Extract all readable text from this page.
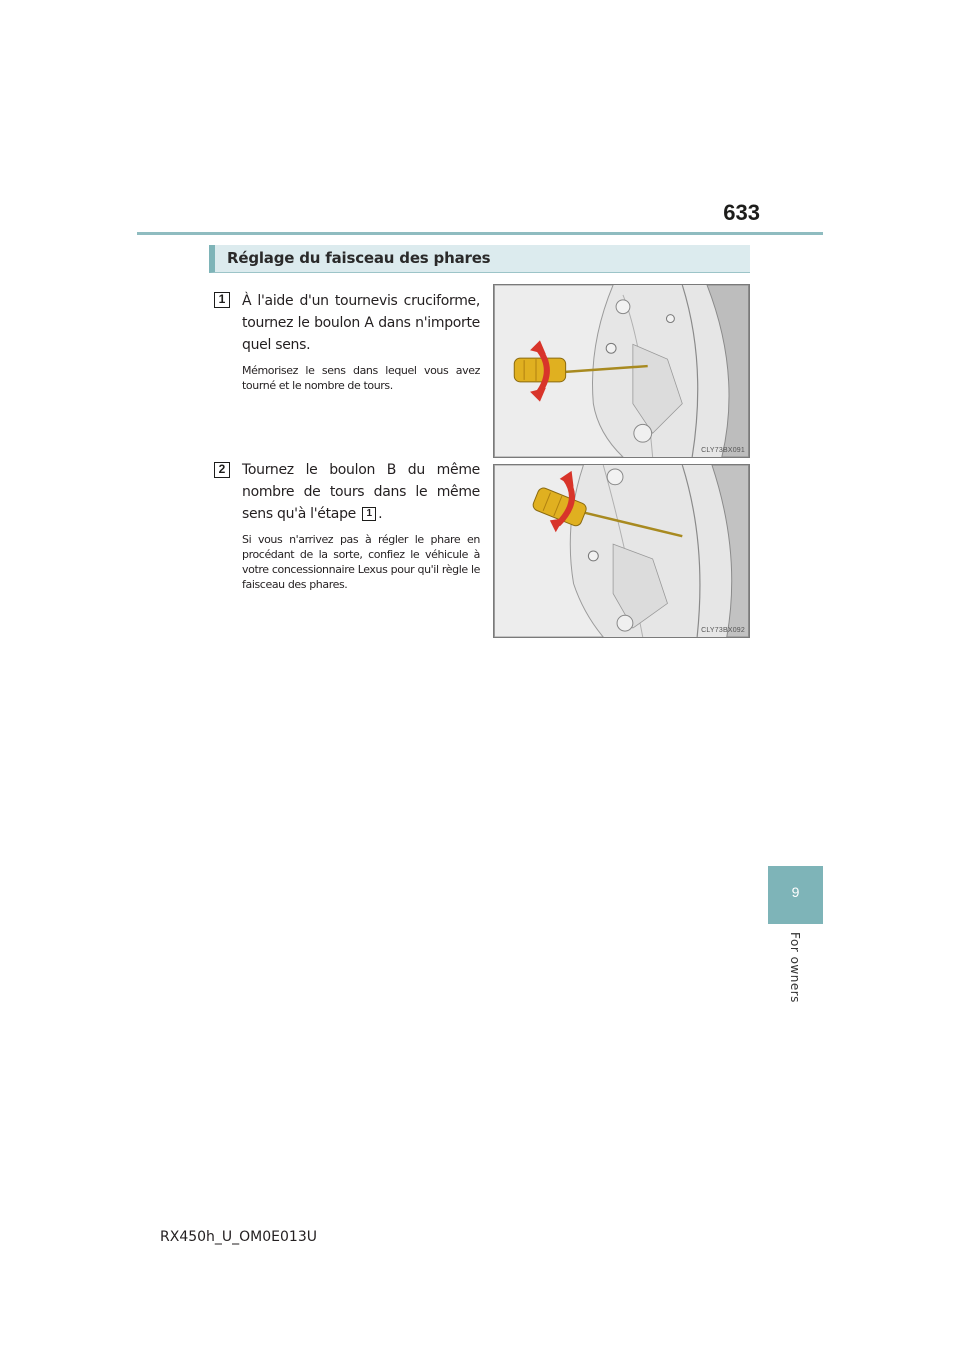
633
Réglage du faisceau des phares
1	À l'aide d'un tournevis cruciforme, tournez le boulon A dans n'importe quel sens.
Mémorisez le sens dans lequel vous avez tourné et le nombre de tours.
CLY73BX091
2	Tournez le boulon B du même nombre de tours dans le même sens qu'à l'étape 1 .
Si vous n'arrivez pas à régler le phare en procédant de la sorte, confiez le véhicule à votre concessionnaire Lexus pour qu'il règle le faisceau des phares.
CLY73BX092
9
For owners
RX450h_U_OM0E013U
